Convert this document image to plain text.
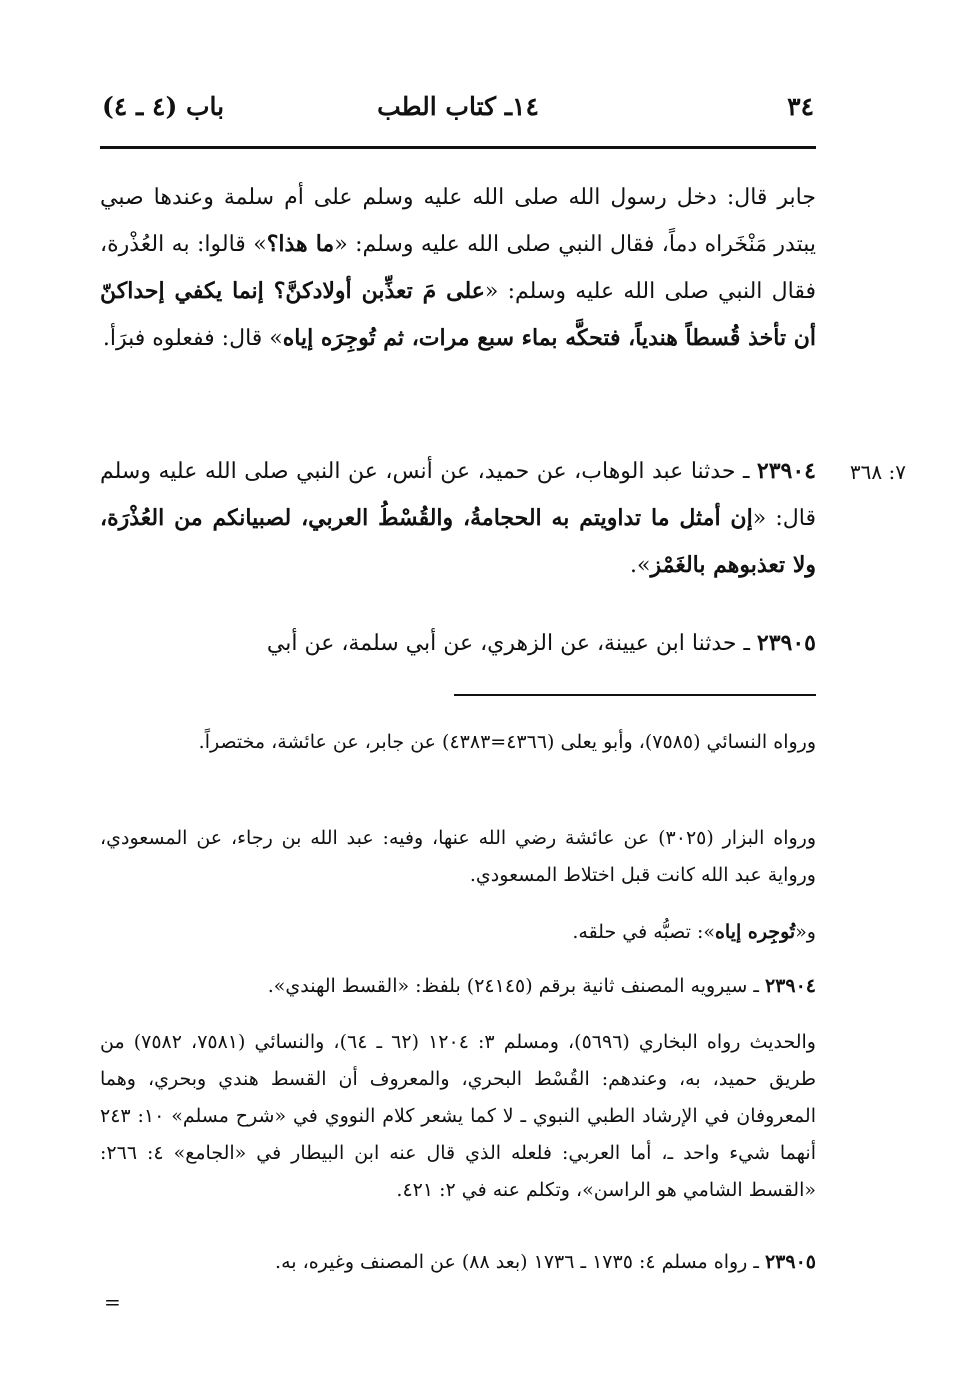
٣٤
١٤ـ كتاب الطب
باب (٤ ـ ٤)

جابر قال: دخل رسول الله صلى الله عليه وسلم على أم سلمة وعندها صبي يبتدر مَنْخَراه دماً، فقال النبي صلى الله عليه وسلم: «ما هذا؟» قالوا: به العُذْرة، فقال النبي صلى الله عليه وسلم: «على مَ تعذِّبن أولادكنَّ؟ إنما يكفي إحداكنّ أن تأخذ قُسطاً هندياً، فتحكَّه بماء سبع مرات، ثم تُوجِرَه إياه» قال: ففعلوه فبرَأ.

٧: ٣٦٨

٢٣٩٠٤ ـ حدثنا عبد الوهاب، عن حميد، عن أنس، عن النبي صلى الله عليه وسلم قال: «إن أمثل ما تداويتم به الحجامةُ، والقُسْطُ العربي، لصبيانكم من العُذْرَة، ولا تعذبوهم بالغَمْز».

٢٣٩٠٥ ـ حدثنا ابن عيينة، عن الزهري، عن أبي سلمة، عن أبي

ورواه النسائي (٧٥٨٥)، وأبو يعلى (٤٣٦٦=٤٣٨٣) عن جابر، عن عائشة، مختصراً.

ورواه البزار (٣٠٢٥) عن عائشة رضي الله عنها، وفيه: عبد الله بن رجاء، عن المسعودي، ورواية عبد الله كانت قبل اختلاط المسعودي.

و«تُوجِره إياه»: تصبُّه في حلقه.

٢٣٩٠٤ ـ سيرويه المصنف ثانية برقم (٢٤١٤٥) بلفظ: «القسط الهندي».

والحديث رواه البخاري (٥٦٩٦)، ومسلم ٣: ١٢٠٤ (٦٢ ـ ٦٤)، والنسائي (٧٥٨١، ٧٥٨٢) من طريق حميد، به، وعندهم: القُسْط البحري، والمعروف أن القسط هندي وبحري، وهما المعروفان في الإرشاد الطبي النبوي ـ لا كما يشعر كلام النووي في «شرح مسلم» ١٠: ٢٤٣ أنهما شيء واحد ـ، أما العربي: فلعله الذي قال عنه ابن البيطار في «الجامع» ٤: ٢٦٦: «القسط الشامي هو الراسن»، وتكلم عنه في ٢: ٤٢١.

٢٣٩٠٥ ـ رواه مسلم ٤: ١٧٣٥ ـ ١٧٣٦ (بعد ٨٨) عن المصنف وغيره، به.

=
